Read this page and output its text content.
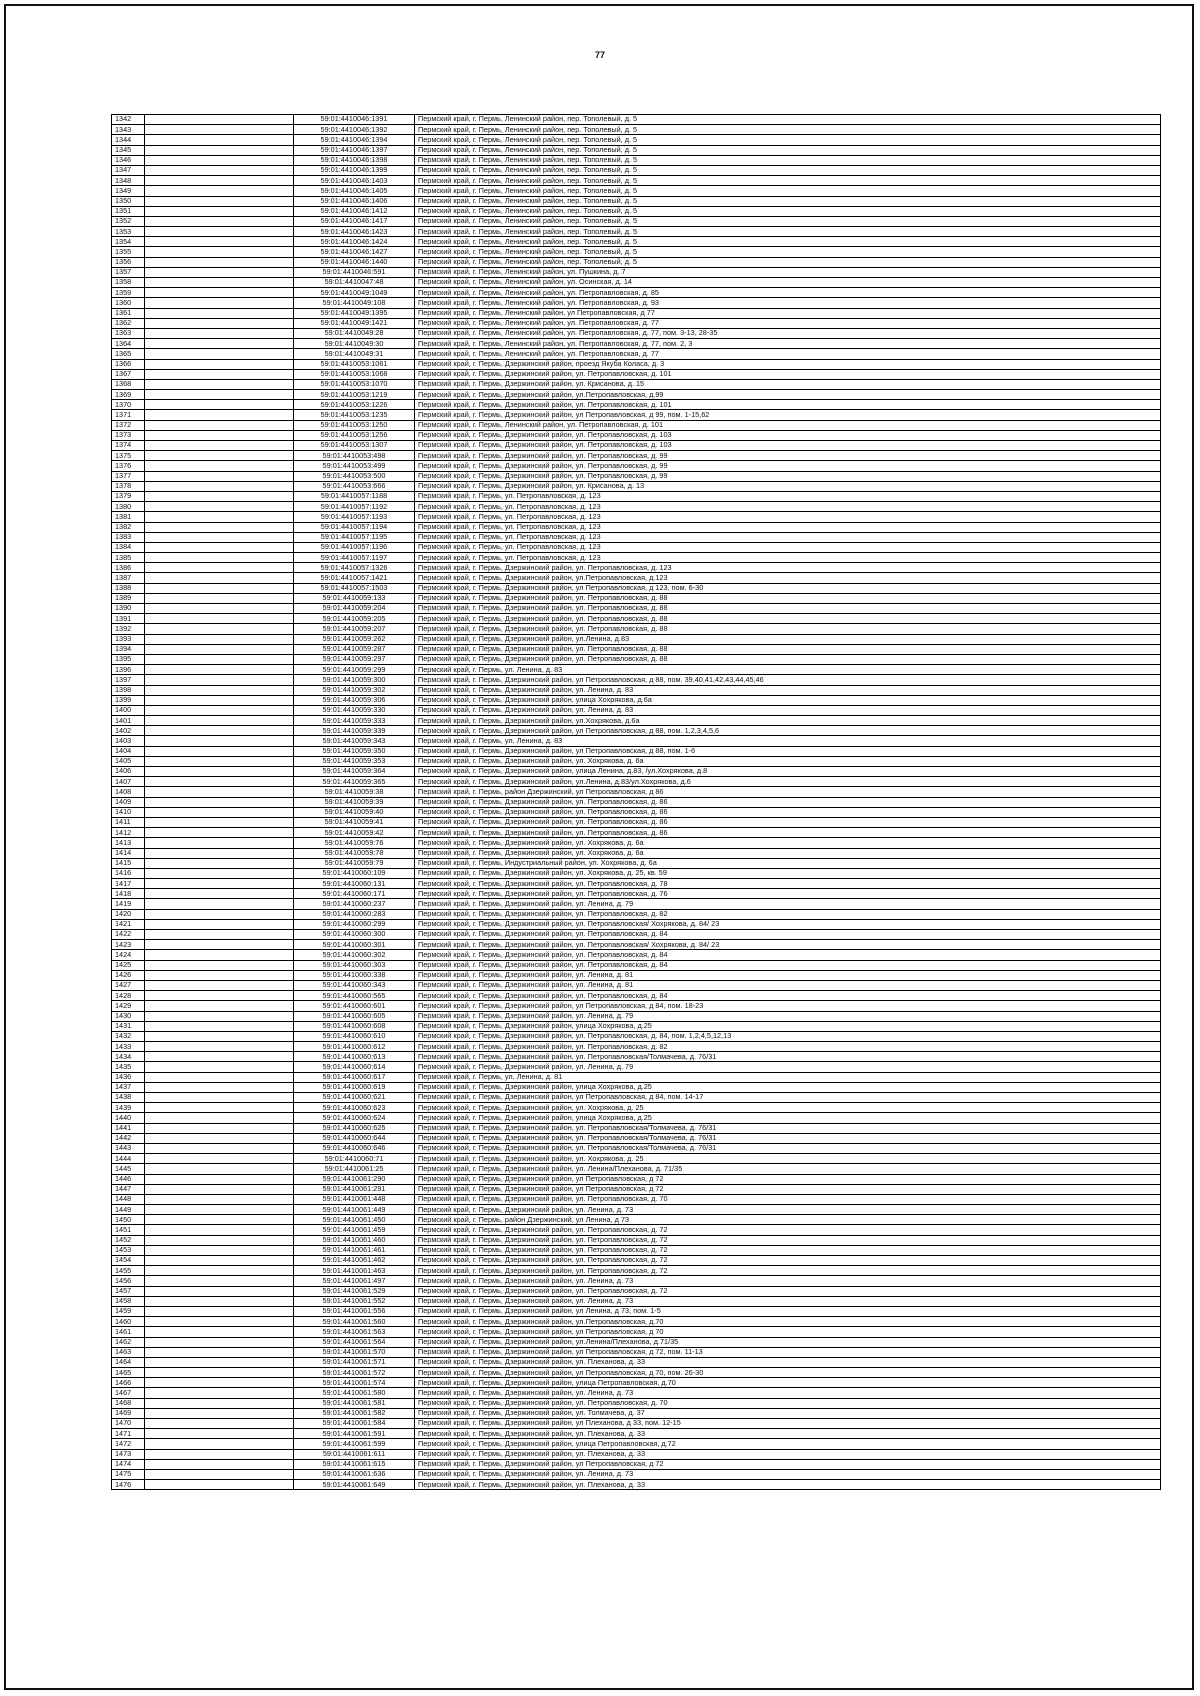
77
1342		59:01:4410046:1391	Пермский край, г. Пермь, Ленинский район, пер. Тополевый, д. 5
1343		59:01:4410046:1392	Пермский край, г. Пермь, Ленинский район, пер. Тополевый, д. 5
1344		59:01:4410046:1394	Пермский край, г. Пермь, Ленинский район, пер. Тополевый, д. 5
1345		59:01:4410046:1397	Пермский край, г. Пермь, Ленинский район, пер. Тополевый, д. 5
1346		59:01:4410046:1398	Пермский край, г. Пермь, Ленинский район, пер. Тополевый, д. 5
1347		59:01:4410046:1399	Пермский край, г. Пермь, Ленинский район, пер. Тополевый, д. 5
1348		59:01:4410046:1403	Пермский край, г. Пермь, Ленинский район, пер. Тополевый, д. 5
1349		59:01:4410046:1405	Пермский край, г. Пермь, Ленинский район, пер. Тополевый, д. 5
1350		59:01:4410046:1406	Пермский край, г. Пермь, Ленинский район, пер. Тополевый, д. 5
1351		59:01:4410046:1412	Пермский край, г. Пермь, Ленинский район, пер. Тополевый, д. 5
1352		59:01:4410046:1417	Пермский край, г. Пермь, Ленинский район, пер. Тополевый, д. 5
1353		59:01:4410046:1423	Пермский край, г. Пермь, Ленинский район, пер. Тополевый, д. 5
1354		59:01:4410046:1424	Пермский край, г. Пермь, Ленинский район, пер. Тополевый, д. 5
1355		59:01:4410046:1427	Пермский край, г. Пермь, Ленинский район, пер. Тополевый, д. 5
1356		59:01:4410046:1440	Пермский край, г. Пермь, Ленинский район, пер. Тополевый, д. 5
1357		59:01:4410046:591	Пермский край, г. Пермь, Ленинский район, ул. Пушкина, д. 7
1358		59:01:4410047:48	Пермский край, г. Пермь, Ленинский район, ул. Осинская, д. 14
1359		59:01:4410049:1049	Пермский край, г. Пермь, Ленинский район, ул. Петропавловская, д. 85
1360		59:01:4410049:108	Пермский край, г. Пермь, Ленинский район, ул. Петропавловская, д. 93
1361		59:01:4410049:1395	Пермский край, г. Пермь, Ленинский район, ул Петропавловская, д 77
1362		59:01:4410049:1421	Пермский край, г. Пермь, Ленинский район, ул. Петропавловская, д. 77
1363		59:01:4410049:28	Пермский край, г. Пермь, Ленинский район, ул. Петропавловская, д. 77, пом. 3-13, 28-35
1364		59:01:4410049:30	Пермский край, г. Пермь, Ленинский район, ул. Петропавловская, д. 77, пом. 2, 3
1365		59:01:4410049:31	Пермский край, г. Пермь, Ленинский район, ул. Петропавловская, д. 77
1366		59:01:4410053:1061	Пермский край, г. Пермь, Дзержинский район, проезд Якуба Коласа, д. 3
1367		59:01:4410053:1068	Пермский край, г. Пермь, Дзержинский район, ул. Петропавловская, д. 101
1368		59:01:4410053:1070	Пермский край, г. Пермь, Дзержинский район, ул. Крисанова, д. 15
1369		59:01:4410053:1219	Пермский край, г. Пермь, Дзержинский район, ул.Петропавловская, д.99
1370		59:01:4410053:1226	Пермский край, г. Пермь, Дзержинский район, ул. Петропавловская, д. 101
1371		59:01:4410053:1235	Пермский край, г. Пермь, Дзержинский район, ул Петропавловская, д 99, пом. 1-15,62
1372		59:01:4410053:1250	Пермский край, г. Пермь, Ленинский район, ул. Петропавловская, д. 101
1373		59:01:4410053:1256	Пермский край, г. Пермь, Дзержинский район, ул. Петропавловская, д. 103
1374		59:01:4410053:1307	Пермский край, г. Пермь, Дзержинский район, ул. Петропавловская, д. 103
1375		59:01:4410053:498	Пермский край, г. Пермь, Дзержинский район, ул. Петропавловская, д. 99
1376		59:01:4410053:499	Пермский край, г. Пермь, Дзержинский район, ул. Петропавловская, д. 99
1377		59:01:4410053:500	Пермский край, г. Пермь, Дзержинский район, ул. Петропавловская, д. 99
1378		59:01:4410053:666	Пермский край, г. Пермь, Дзержинский район, ул. Крисанова, д. 13
1379		59:01:4410057:1188	Пермский край, г. Пермь, ул. Петропавловская, д. 123
1380		59:01:4410057:1192	Пермский край, г. Пермь, ул. Петропавловская, д. 123
1381		59:01:4410057:1193	Пермский край, г. Пермь, ул. Петропавловская, д. 123
1382		59:01:4410057:1194	Пермский край, г. Пермь, ул. Петропавловская, д. 123
1383		59:01:4410057:1195	Пермский край, г. Пермь, ул. Петропавловская, д. 123
1384		59:01:4410057:1196	Пермский край, г. Пермь, ул. Петропавловская, д. 123
1385		59:01:4410057:1197	Пермский край, г. Пермь, ул. Петропавловская, д. 123
1386		59:01:4410057:1326	Пермский край, г. Пермь, Дзержинский район, ул. Петропавловская, д. 123
1387		59:01:4410057:1421	Пермский край, г. Пермь, Дзержинский район, ул.Петропавловская, д.123
1388		59:01:4410057:1503	Пермский край, г. Пермь, Дзержинский район, ул Петропавловская, д 123, пом. 6-30
1389		59:01:4410059:133	Пермский край, г. Пермь, Дзержинский район, ул. Петропавловская, д. 88
1390		59:01:4410059:204	Пермский край, г. Пермь, Дзержинский район, ул. Петропавловская, д. 88
1391		59:01:4410059:205	Пермский край, г. Пермь, Дзержинский район, ул. Петропавловская, д. 88
1392		59:01:4410059:207	Пермский край, г. Пермь, Дзержинский район, ул. Петропавловская, д. 88
1393		59:01:4410059:262	Пермский край, г. Пермь, Дзержинский район, ул.Ленина, д.83
1394		59:01:4410059:287	Пермский край, г. Пермь, Дзержинский район, ул. Петропавловская, д. 88
1395		59:01:4410059:297	Пермский край, г. Пермь, Дзержинский район, ул. Петропавловская, д. 88
1396		59:01:4410059:299	Пермский край, г. Пермь, ул. Ленина, д. 83
1397		59:01:4410059:300	Пермский край, г. Пермь, Дзержинский район, ул Петропавловская, д 88, пом. 39,40,41,42,43,44,45,46
1398		59:01:4410059:302	Пермский край, г. Пермь, Дзержинский район, ул. Ленина, д. 83
1399		59:01:4410059:306	Пермский край, г. Пермь, Дзержинский район, улица Хохрякова, д.6а
1400		59:01:4410059:330	Пермский край, г. Пермь, Дзержинский район, ул. Ленина, д. 83
1401		59:01:4410059:333	Пермский край, г. Пермь, Дзержинский район, ул.Хохрякова, д.6а
1402		59:01:4410059:339	Пермский край, г. Пермь, Дзержинский район, ул Петропавловская, д 88, пом. 1,2,3,4,5,6
1403		59:01:4410059:343	Пермский край, г. Пермь, ул. Ленина, д. 83
1404		59:01:4410059:350	Пермский край, г. Пермь, Дзержинский район, ул Петропавловская, д 88, пом. 1-6
1405		59:01:4410059:353	Пермский край, г. Пермь, Дзержинский район, ул. Хохрякова, д. 6а
1406		59:01:4410059:364	Пермский край, г. Пермь, Дзержинский район, улица Ленина, д.83, /ул.Хохрякова, д.8
1407		59:01:4410059:365	Пермский край, г. Пермь, Дзержинский район, ул.Ленина, д.83/ул.Хохрякова, д.6
1408		59:01:4410059:38	Пермский край, г. Пермь, район Дзержинский, ул Петропавловская, д 86
1409		59:01:4410059:39	Пермский край, г. Пермь, Дзержинский район, ул. Петропавловская, д. 86
1410		59:01:4410059:40	Пермский край, г. Пермь, Дзержинский район, ул. Петропавловская, д. 86
1411		59:01:4410059:41	Пермский край, г. Пермь, Дзержинский район, ул. Петропавловская, д. 86
1412		59:01:4410059:42	Пермский край, г. Пермь, Дзержинский район, ул. Петропавловская, д. 86
1413		59:01:4410059:76	Пермский край, г. Пермь, Дзержинский район, ул. Хохрякова, д. 6а
1414		59:01:4410059:78	Пермский край, г. Пермь, Дзержинский район, ул. Хохрякова, д. 6а
1415		59:01:4410059:79	Пермский край, г. Пермь, Индустриальный район, ул. Хохрякова, д. 6а
1416		59:01:4410060:109	Пермский край, г. Пермь, Дзержинский район, ул. Хохрякова, д. 25, кв. 59
1417		59:01:4410060:131	Пермский край, г. Пермь, Дзержинский район, ул. Петропавловская, д. 78
1418		59:01:4410060:171	Пермский край, г. Пермь, Дзержинский район, ул. Петропавловская, д. 76
1419		59:01:4410060:237	Пермский край, г. Пермь, Дзержинский район, ул. Ленина, д. 79
1420		59:01:4410060:283	Пермский край, г. Пермь, Дзержинский район, ул. Петропавловская, д. 82
1421		59:01:4410060:299	Пермский край, г. Пермь, Дзержинский район, ул. Петропавловская/ Хохрякова, д. 84/ 23
1422		59:01:4410060:300	Пермский край, г. Пермь, Дзержинский район, ул. Петропавловская, д. 84
1423		59:01:4410060:301	Пермский край, г. Пермь, Дзержинский район, ул. Петропавловская/ Хохрякова, д. 84/ 23
1424		59:01:4410060:302	Пермский край, г. Пермь, Дзержинский район, ул. Петропавловская, д. 84
1425		59:01:4410060:303	Пермский край, г. Пермь, Дзержинский район, ул. Петропавловская, д. 84
1426		59:01:4410060:338	Пермский край, г. Пермь, Дзержинский район, ул. Ленина, д. 81
1427		59:01:4410060:343	Пермский край, г. Пермь, Дзержинский район, ул. Ленина, д. 81
1428		59:01:4410060:565	Пермский край, г. Пермь, Дзержинский район, ул. Петропавловская, д. 84
1429		59:01:4410060:601	Пермский край, г. Пермь, Дзержинский район, ул Петропавловская, д 84, пом. 18-23
1430		59:01:4410060:605	Пермский край, г. Пермь, Дзержинский район, ул. Ленина, д. 79
1431		59:01:4410060:608	Пермский край, г. Пермь, Дзержинский район, улица Хохрякова, д.25
1432		59:01:4410060:610	Пермский край, г. Пермь, Дзержинский район, ул. Петропавловская, д. 84, пом. 1,2,4,5,12,13
1433		59:01:4410060:612	Пермский край, г. Пермь, Дзержинский район, ул. Петропавловская, д. 82
1434		59:01:4410060:613	Пермский край, г. Пермь, Дзержинский район, ул. Петропавловская/Толмачева, д. 76/31
1435		59:01:4410060:614	Пермский край, г. Пермь, Дзержинский район, ул. Ленина, д. 79
1436		59:01:4410060:617	Пермский край, г. Пермь, ул. Ленина, д. 81
1437		59:01:4410060:619	Пермский край, г. Пермь, Дзержинский район, улица Хохрякова, д.25
1438		59:01:4410060:621	Пермский край, г. Пермь, Дзержинский район, ул Петропавловская, д 84, пом. 14-17
1439		59:01:4410060:623	Пермский край, г. Пермь, Дзержинский район, ул. Хохрякова, д. 25
1440		59:01:4410060:624	Пермский край, г. Пермь, Дзержинский район, улица Хохрякова, д.25
1441		59:01:4410060:625	Пермский край, г. Пермь, Дзержинский район, ул. Петропавловская/Толмачева, д. 76/31
1442		59:01:4410060:644	Пермский край, г. Пермь, Дзержинский район, ул. Петропавловская/Толмачева, д. 76/31
1443		59:01:4410060:646	Пермский край, г. Пермь, Дзержинский район, ул. Петропавловская/Толмачева, д. 76/31
1444		59:01:4410060:71	Пермский край, г. Пермь, Дзержинский район, ул. Хохрякова, д. 25
1445		59:01:4410061:25	Пермский край, г. Пермь, Дзержинский район, ул. Ленина/Плеханова, д. 71/35
1446		59:01:4410061:290	Пермский край, г. Пермь, Дзержинский район, ул Петропавловская, д 72
1447		59:01:4410061:291	Пермский край, г. Пермь, Дзержинский район, ул Петропавловская, д 72
1448		59:01:4410061:448	Пермский край, г. Пермь, Дзержинский район, ул. Петропавловская, д. 70
1449		59:01:4410061:449	Пермский край, г. Пермь, Дзержинский район, ул. Ленина, д. 73
1450		59:01:4410061:450	Пермский край, г. Пермь, район Дзержинский, ул Ленина, д 73
1451		59:01:4410061:459	Пермский край, г. Пермь, Дзержинский район, ул. Петропавловская, д. 72
1452		59:01:4410061:460	Пермский край, г. Пермь, Дзержинский район, ул. Петропавловская, д. 72
1453		59:01:4410061:461	Пермский край, г. Пермь, Дзержинский район, ул. Петропавловская, д. 72
1454		59:01:4410061:462	Пермский край, г. Пермь, Дзержинский район, ул. Петропавловская, д. 72
1455		59:01:4410061:463	Пермский край, г. Пермь, Дзержинский район, ул. Петропавловская, д. 72
1456		59:01:4410061:497	Пермский край, г. Пермь, Дзержинский район, ул. Ленина, д. 73
1457		59:01:4410061:529	Пермский край, г. Пермь, Дзержинский район, ул. Петропавловская, д. 72
1458		59:01:4410061:552	Пермский край, г. Пермь, Дзержинский район, ул. Ленина, д. 73
1459		59:01:4410061:556	Пермский край, г. Пермь, Дзержинский район, ул Ленина, д 73, пом. 1-5
1460		59:01:4410061:560	Пермский край, г. Пермь, Дзержинский район, ул.Петропавловская, д.70
1461		59:01:4410061:563	Пермский край, г. Пермь, Дзержинский район, ул Петропавловская, д 70
1462		59:01:4410061:564	Пермский край, г. Пермь, Дзержинский район, ул.Ленина/Плеханова, д.71/35
1463		59:01:4410061:570	Пермский край, г. Пермь, Дзержинский район, ул Петропавловская, д 72, пом. 11-13
1464		59:01:4410061:571	Пермский край, г. Пермь, Дзержинский район, ул. Плеханова, д. 33
1465		59:01:4410061:572	Пермский край, г. Пермь, Дзержинский район, ул Петропавловская, д 70, пом. 26-30
1466		59:01:4410061:574	Пермский край, г. Пермь, Дзержинский район, улица Петропавловская, д.70
1467		59:01:4410061:580	Пермский край, г. Пермь, Дзержинский район, ул. Ленина, д. 73
1468		59:01:4410061:581	Пермский край, г. Пермь, Дзержинский район, ул. Петропавловская, д. 70
1469		59:01:4410061:582	Пермский край, г. Пермь, Дзержинский район, ул. Толмачева, д. 37
1470		59:01:4410061:584	Пермский край, г. Пермь, Дзержинский район, ул Плеханова, д 33, пом. 12-15
1471		59:01:4410061:591	Пермский край, г. Пермь, Дзержинский район, ул. Плеханова, д. 33
1472		59:01:4410061:599	Пермский край, г. Пермь, Дзержинский район, улица Петропавловская, д.72
1473		59:01:4410061:611	Пермский край, г. Пермь, Дзержинский район, ул. Плеханова, д. 33
1474		59:01:4410061:615	Пермский край, г. Пермь, Дзержинский район, ул Петропавловская, д 72
1475		59:01:4410061:636	Пермский край, г. Пермь, Дзержинский район, ул. Ленина, д. 73
1476		59:01:4410061:649	Пермский край, г. Пермь, Дзержинский район, ул. Плеханова, д. 33
